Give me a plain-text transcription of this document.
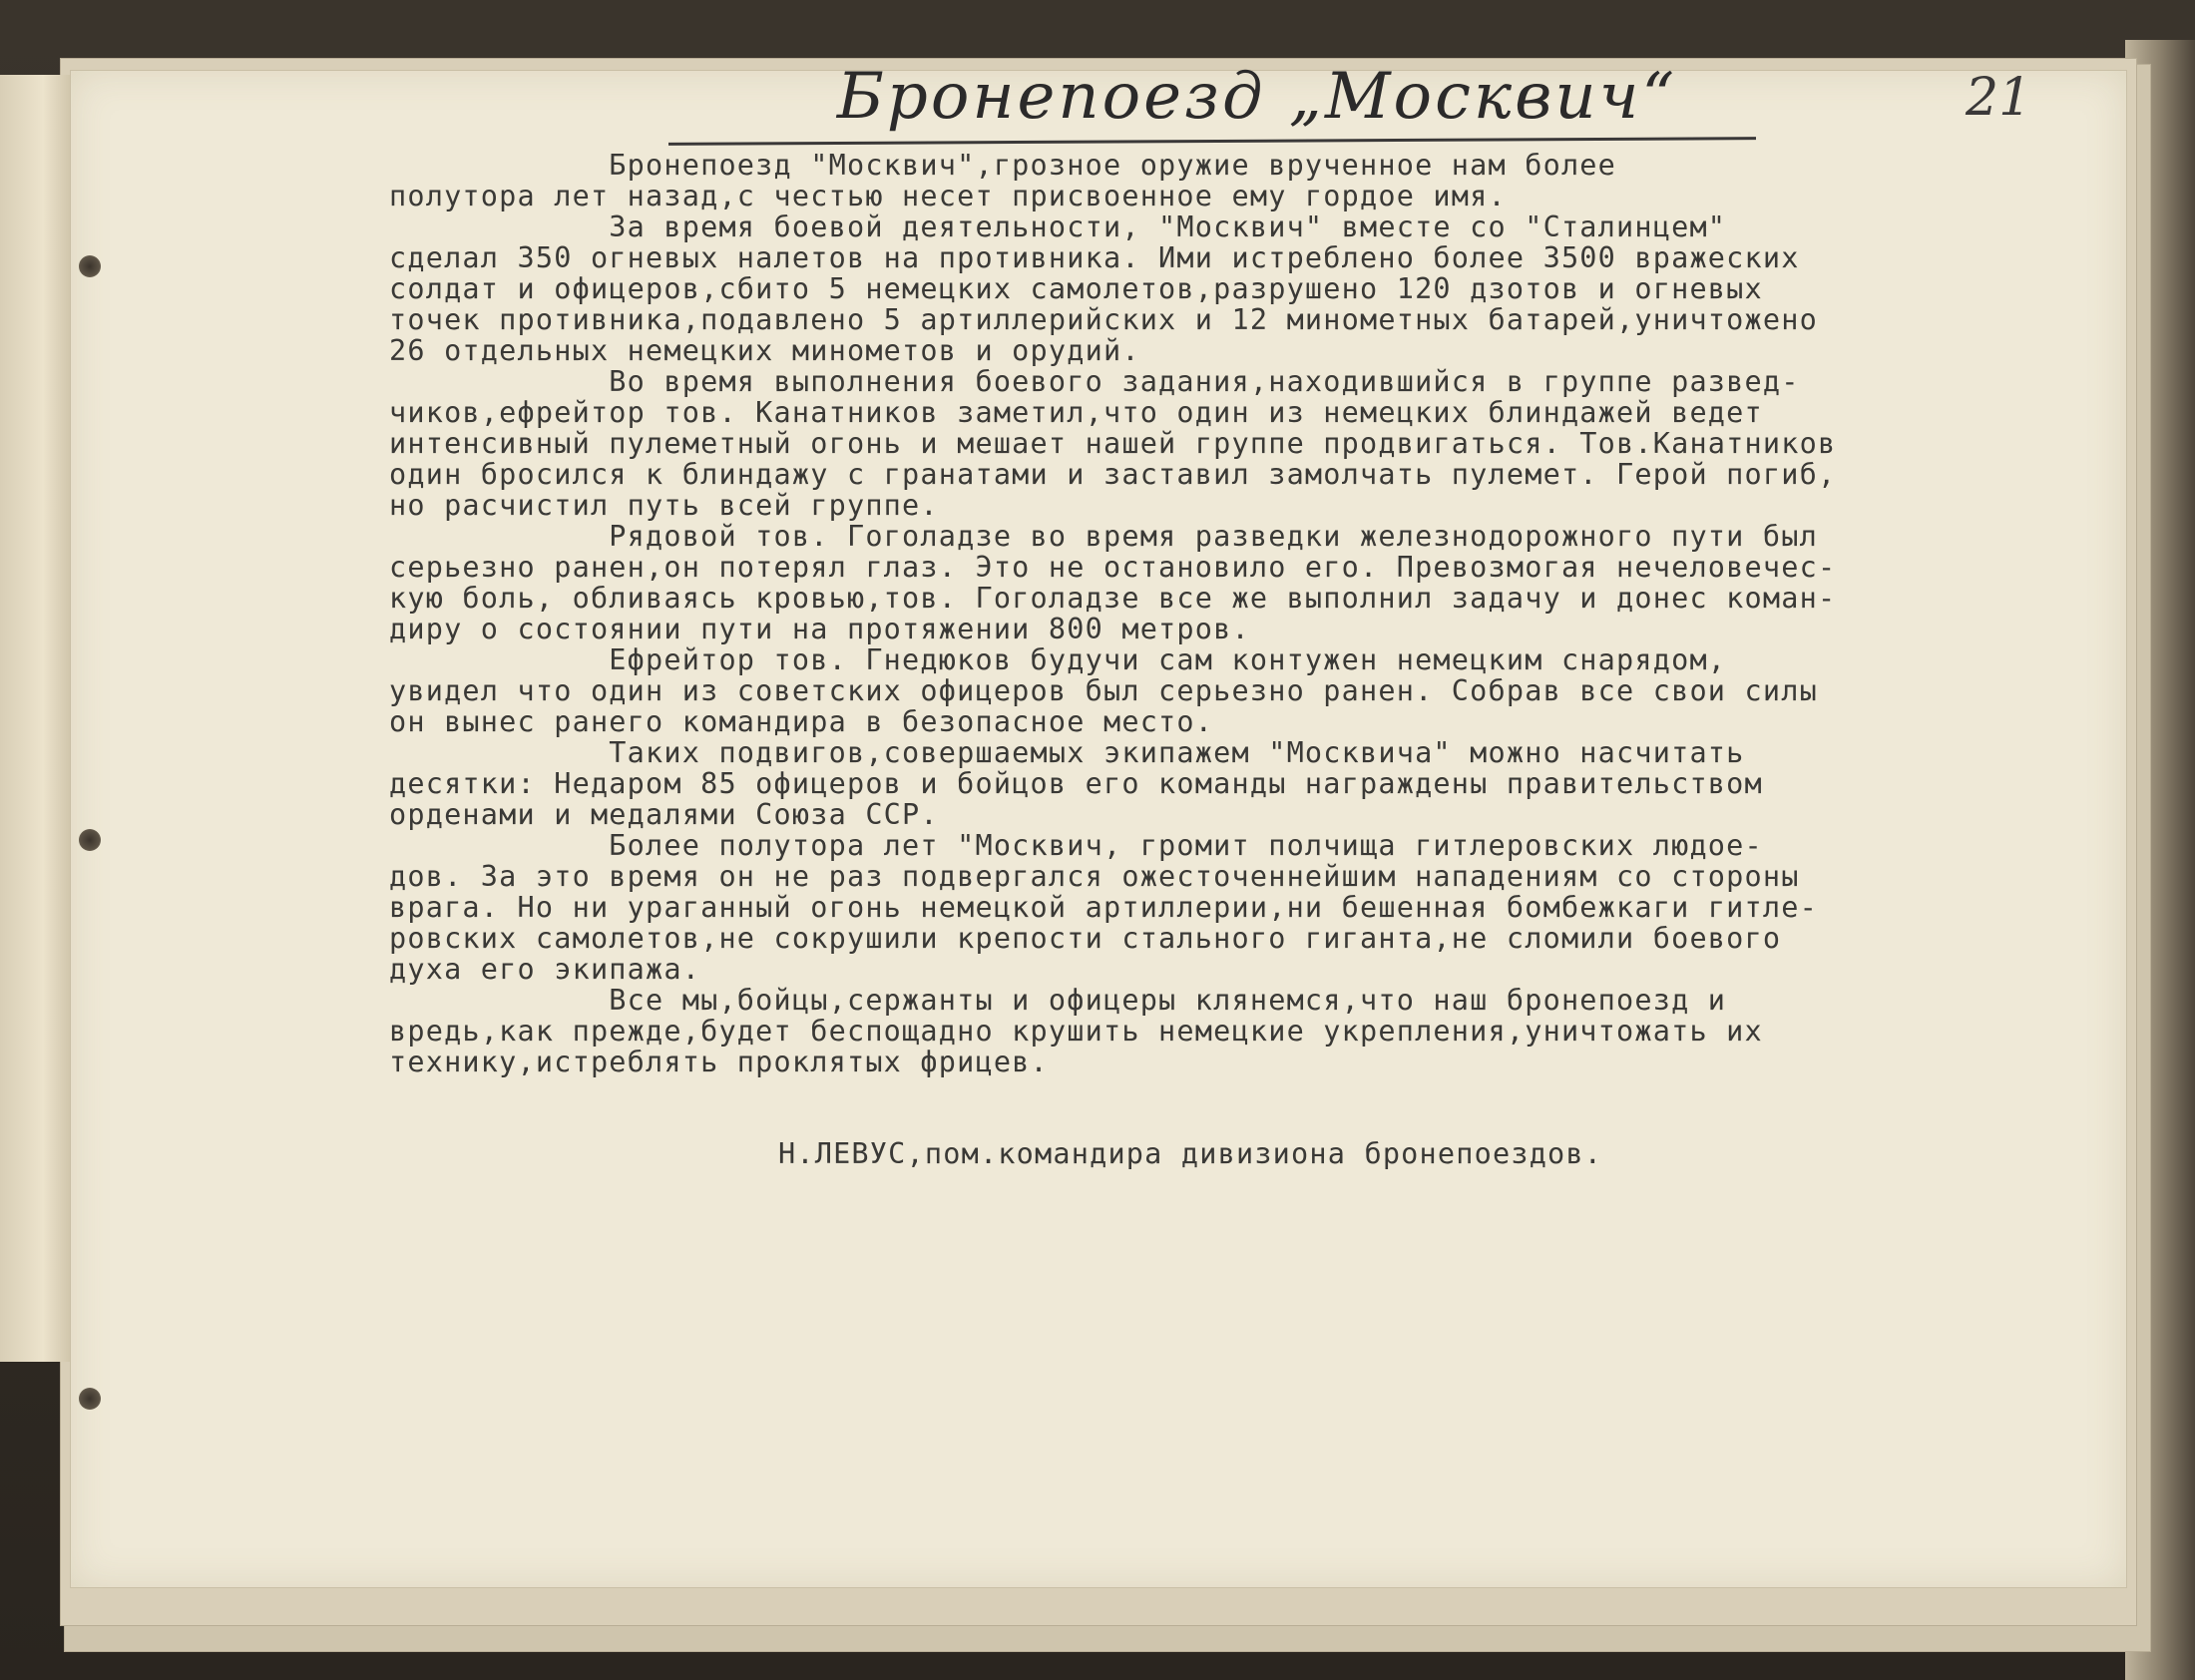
Бронепоезд „Москвич“	21
Бронепоезд "Москвич",грозное оружие врученное нам более
полутора лет назад,с честью несет присвоенное ему гордое имя.
За время боевой деятельности, "Москвич" вместе со "Сталинцем"
сделал 350 огневых налетов на противника. Ими истреблено более 3500 вражеских
солдат и офицеров,сбито 5 немецких самолетов,разрушено 120 дзотов и огневых
точек противника,подавлено 5 артиллерийских и 12 минометных батарей,уничтожено
26 отдельных немецких минометов и орудий.
Во время выполнения боевого задания,находившийся в группе развед-
чиков,ефрейтор тов. Канатников заметил,что один из немецких блиндажей ведет
интенсивный пулеметный огонь и мешает нашей группе продвигаться. Тов.Канатников
один бросился к блиндажу с гранатами и заставил замолчать пулемет. Герой погиб,
но расчистил путь всей группе.
Рядовой тов. Гоголадзе во время разведки железнодорожного пути был
серьезно ранен,он потерял глаз. Это не остановило его. Превозмогая нечеловечес-
кую боль, обливаясь кровью,тов. Гоголадзе все же выполнил задачу и донес коман-
диру о состоянии пути на протяжении 800 метров.
Ефрейтор тов. Гнедюков будучи сам контужен немецким снарядом,
увидел что один из советских офицеров был серьезно ранен. Собрав все свои силы
он вынес ранего командира в безопасное место.
Таких подвигов,совершаемых экипажем "Москвича" можно насчитать
десятки: Недаром 85 офицеров и бойцов его команды награждены правительством
орденами и медалями Союза ССР.
Более полутора лет "Москвич, громит полчища гитлеровских людое-
дов. За это время он не раз подвергался ожесточеннейшим нападениям со стороны
врага. Но ни ураганный огонь немецкой артиллерии,ни бешенная бомбежкаги гитле-
ровских самолетов,не сокрушили крепости стального гиганта,не сломили боевого
духа его экипажа.
Все мы,бойцы,сержанты и офицеры клянемся,что наш бронепоезд и
вредь,как прежде,будет беспощадно крушить немецкие укрепления,уничтожать их
технику,истреблять проклятых фрицев.
Н.ЛЕВУС,пом.командира дивизиона бронепоездов.
